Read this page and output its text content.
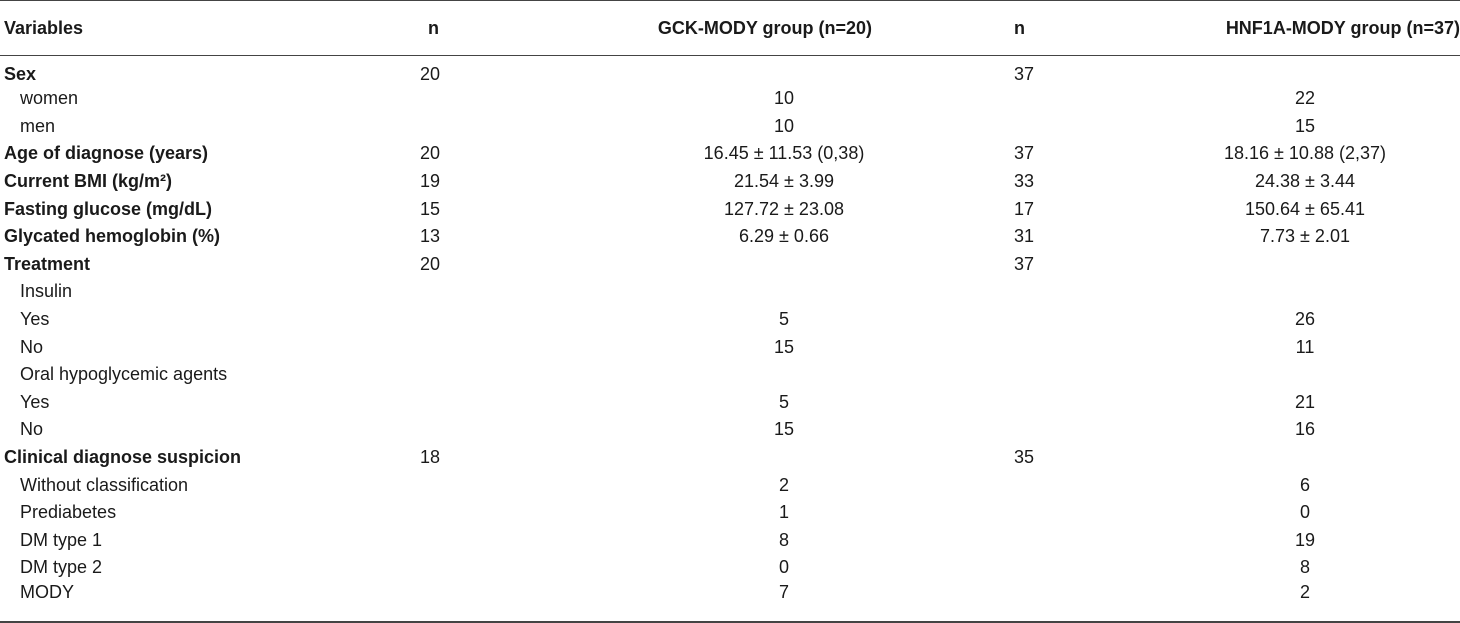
Variables	n	GCK-MODY group (n=20)	n	HNF1A-MODY group (n=37)
Sex	20		37	
women		10		22
men		10		15
Age of diagnose (years)	20	16.45 ± 11.53 (0,38)	37	18.16 ± 10.88 (2,37)
Current BMI (kg/m²)	19	21.54 ± 3.99	33	24.38 ± 3.44
Fasting glucose (mg/dL)	15	127.72 ± 23.08	17	150.64 ± 65.41
Glycated hemoglobin (%)	13	6.29 ± 0.66	31	7.73 ± 2.01
Treatment	20		37	
Insulin				
Yes		5		26
No		15		11
Oral hypoglycemic agents				
Yes		5		21
No		15		16
Clinical diagnose suspicion	18		35	
Without classification		2		6
Prediabetes		1		0
DM type 1		8		19
DM type 2		0		8
MODY		7		2
